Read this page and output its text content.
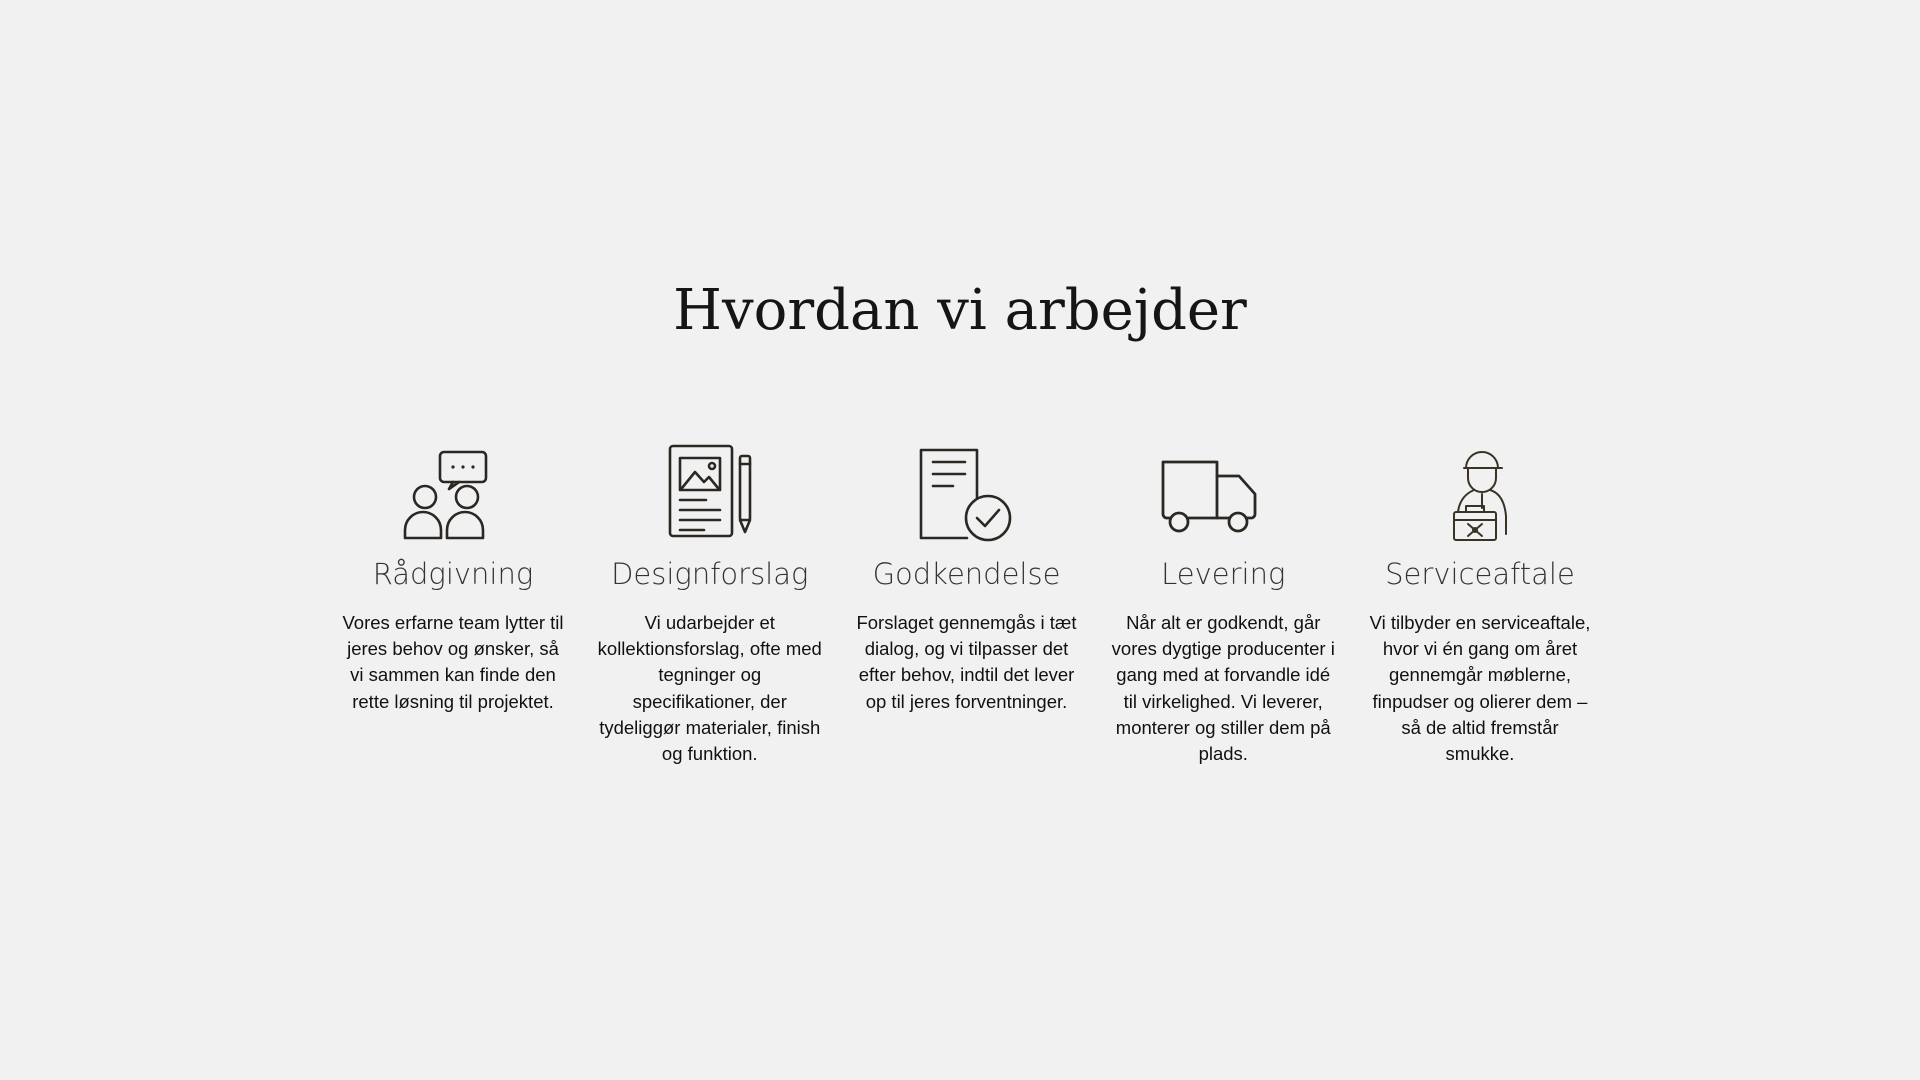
Hvordan vi arbejder
Rådgivning
Vores erfarne team lytter til jeres behov og ønsker, så vi sammen kan finde den rette løsning til projektet.
Designforslag
Vi udarbejder et kollektionsforslag, ofte med tegninger og specifikationer, der tydeliggør materialer, finish og funktion.
Godkendelse
Forslaget gennemgås i tæt dialog, og vi tilpasser det efter behov, indtil det lever op til jeres forventninger.
Levering
Når alt er godkendt, går vores dygtige producenter i gang med at forvandle idé til virkelighed. Vi leverer, monterer og stiller dem på plads.
Serviceaftale
Vi tilbyder en serviceaftale, hvor vi én gang om året gennemgår møblerne, finpudser og olierer dem – så de altid fremstår smukke.
